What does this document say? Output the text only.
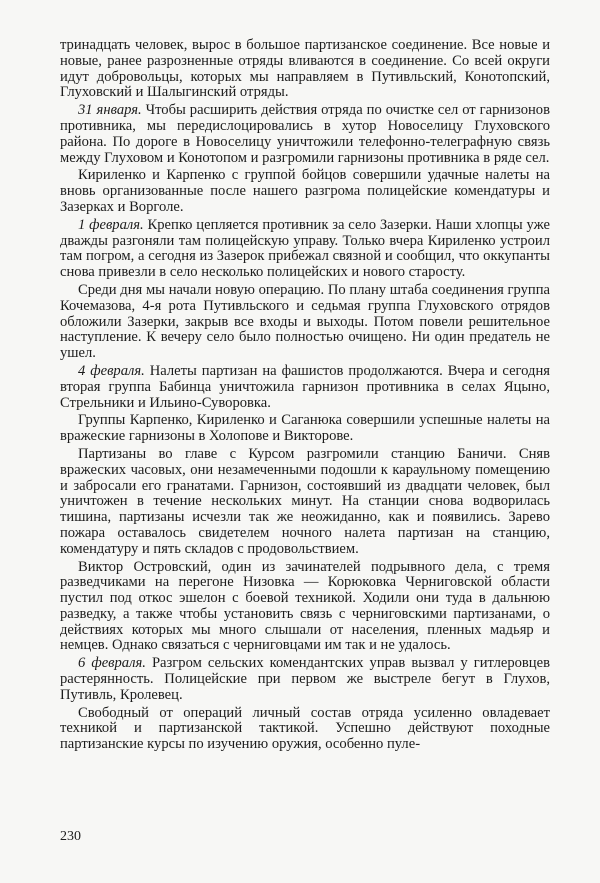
тринадцать человек, вырос в большое партизанское соединение. Все новые и новые, ранее разрозненные отряды вливаются в соединение. Со всей округи идут добровольцы, которых мы направляем в Путивльский, Конотопский, Глуховский и Шалыгинский отряды.

31 января. Чтобы расширить действия отряда по очистке сел от гарнизонов противника, мы передислоцировались в хутор Новоселицу Глуховского района. По дороге в Новоселицу уничтожили телефонно-телеграфную связь между Глуховом и Конотопом и разгромили гарнизоны противника в ряде сел.

Кириленко и Карпенко с группой бойцов совершили удачные налеты на вновь организованные после нашего разгрома полицейские комендатуры и Зазерках и Ворголе.

1 февраля. Крепко цепляется противник за село Зазерки. Наши хлопцы уже дважды разгоняли там полицейскую управу. Только вчера Кириленко устроил там погром, а сегодня из Зазерок прибежал связной и сообщил, что оккупанты снова привезли в село несколько полицейских и нового старосту.

Среди дня мы начали новую операцию. По плану штаба соединения группа Кочемазова, 4-я рота Путивльского и седьмая группа Глуховского отрядов обложили Зазерки, закрыв все входы и выходы. Потом повели решительное наступление. К вечеру село было полностью очищено. Ни один предатель не ушел.

4 февраля. Налеты партизан на фашистов продолжаются. Вчера и сегодня вторая группа Бабинца уничтожила гарнизон противника в селах Яцыно, Стрельники и Ильино-Суворовка.

Группы Карпенко, Кириленко и Саганюка совершили успешные налеты на вражеские гарнизоны в Холопове и Викторове.

Партизаны во главе с Курсом разгромили станцию Баничи. Сняв вражеских часовых, они незамеченными подошли к караульному помещению и забросали его гранатами. Гарнизон, состоявший из двадцати человек, был уничтожен в течение нескольких минут. На станции снова водворилась тишина, партизаны исчезли так же неожиданно, как и появились. Зарево пожара оставалось свидетелем ночного налета партизан на станцию, комендатуру и пять складов с продовольствием.

Виктор Островский, один из зачинателей подрывного дела, с тремя разведчиками на перегоне Низовка — Корюковка Черниговской области пустил под откос эшелон с боевой техникой. Ходили они туда в дальнюю разведку, а также чтобы установить связь с черниговскими партизанами, о действиях которых мы много слышали от населения, пленных мадьяр и немцев. Однако связаться с черниговцами им так и не удалось.

6 февраля. Разгром сельских комендантских управ вызвал у гитлеровцев растерянность. Полицейские при первом же выстреле бегут в Глухов, Путивль, Кролевец.

Свободный от операций личный состав отряда усиленно овладевает техникой и партизанской тактикой. Успешно действуют походные партизанские курсы по изучению оружия, особенно пуле-

230
